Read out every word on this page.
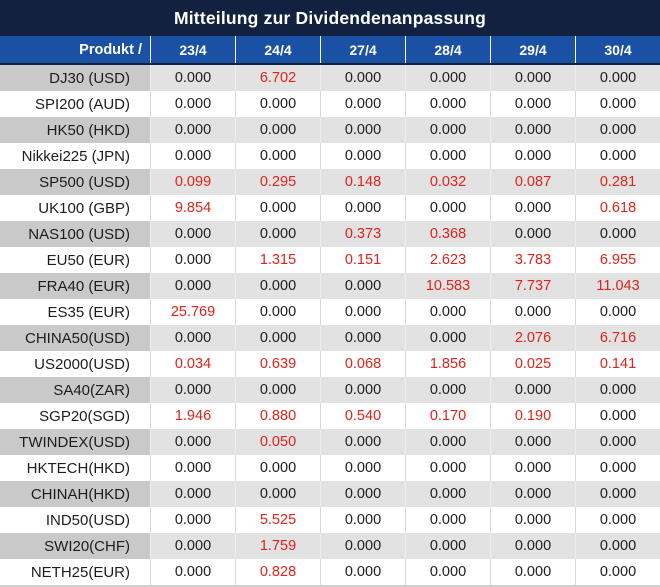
Mitteilung zur Dividendenanpassung
Produkt /	23/4	24/4	27/4	28/4	29/4	30/4
DJ30 (USD)	0.000	6.702	0.000	0.000	0.000	0.000
SPI200 (AUD)	0.000	0.000	0.000	0.000	0.000	0.000
HK50 (HKD)	0.000	0.000	0.000	0.000	0.000	0.000
Nikkei225 (JPN)	0.000	0.000	0.000	0.000	0.000	0.000
SP500 (USD)	0.099	0.295	0.148	0.032	0.087	0.281
UK100 (GBP)	9.854	0.000	0.000	0.000	0.000	0.618
NAS100 (USD)	0.000	0.000	0.373	0.368	0.000	0.000
EU50 (EUR)	0.000	1.315	0.151	2.623	3.783	6.955
FRA40 (EUR)	0.000	0.000	0.000	10.583	7.737	11.043
ES35 (EUR)	25.769	0.000	0.000	0.000	0.000	0.000
CHINA50(USD)	0.000	0.000	0.000	0.000	2.076	6.716
US2000(USD)	0.034	0.639	0.068	1.856	0.025	0.141
SA40(ZAR)	0.000	0.000	0.000	0.000	0.000	0.000
SGP20(SGD)	1.946	0.880	0.540	0.170	0.190	0.000
TWINDEX(USD)	0.000	0.050	0.000	0.000	0.000	0.000
HKTECH(HKD)	0.000	0.000	0.000	0.000	0.000	0.000
CHINAH(HKD)	0.000	0.000	0.000	0.000	0.000	0.000
IND50(USD)	0.000	5.525	0.000	0.000	0.000	0.000
SWI20(CHF)	0.000	1.759	0.000	0.000	0.000	0.000
NETH25(EUR)	0.000	0.828	0.000	0.000	0.000	0.000
